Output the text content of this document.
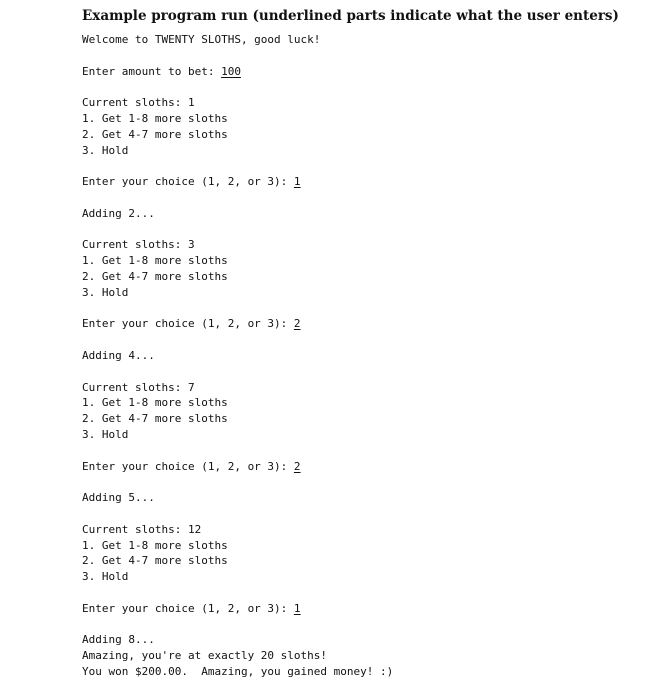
Example program run (underlined parts indicate what the user enters)
Welcome to TWENTY SLOTHS, good luck!
Enter amount to bet: 100
Current sloths: 1
1. Get 1-8 more sloths
2. Get 4-7 more sloths
3. Hold
Enter your choice (1, 2, or 3): 1
Adding 2...
Current sloths: 3
1. Get 1-8 more sloths
2. Get 4-7 more sloths
3. Hold
Enter your choice (1, 2, or 3): 2
Adding 4...
Current sloths: 7
1. Get 1-8 more sloths
2. Get 4-7 more sloths
3. Hold
Enter your choice (1, 2, or 3): 2
Adding 5...
Current sloths: 12
1. Get 1-8 more sloths
2. Get 4-7 more sloths
3. Hold
Enter your choice (1, 2, or 3): 1
Adding 8...
Amazing, you're at exactly 20 sloths!
You won $200.00.  Amazing, you gained money! :)
